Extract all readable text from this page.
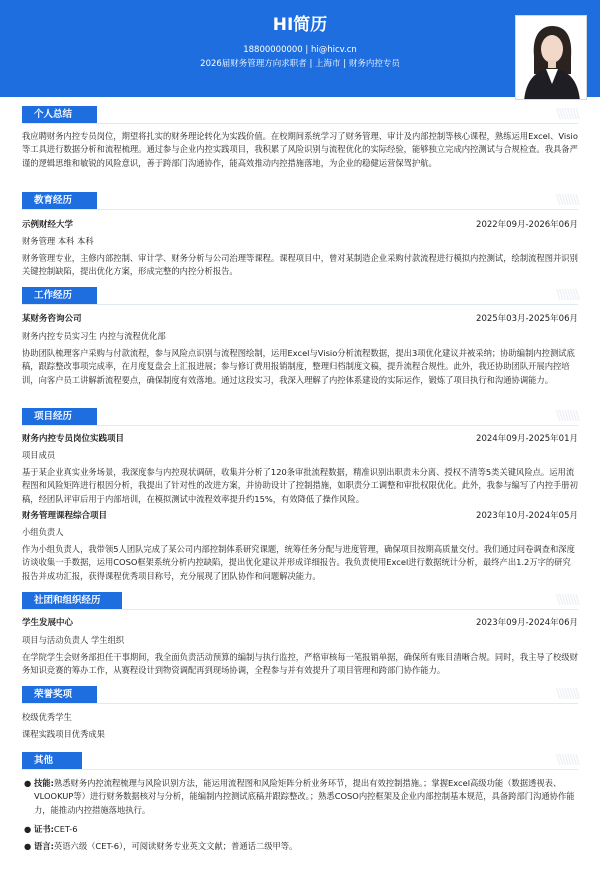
HI简历
18800000000 | hi@hicv.cn
2026届财务管理方向求职者 | 上海市 | 财务内控专员
个人总结	\\\\\\\\
我应聘财务内控专员岗位，期望将扎实的财务理论转化为实践价值。在校期间系统学习了财务管理、审计及内部控制等核心课程，熟练运用Excel、Visio等工具进行数据分析和流程梳理。通过参与企业内控实践项目，我积累了风险识别与流程优化的实际经验，能够独立完成内控测试与合规检查。我具备严谨的逻辑思维和敏锐的风险意识，善于跨部门沟通协作，能高效推动内控措施落地，为企业的稳健运营保驾护航。
教育经历	\\\\\\\\
示例财经大学	2022年09月-2026年06月
财务管理 本科 本科
财务管理专业，主修内部控制、审计学、财务分析与公司治理等课程。课程项目中，曾对某制造企业采购付款流程进行模拟内控测试，绘制流程图并识别关键控制缺陷，提出优化方案，形成完整的内控分析报告。
工作经历	\\\\\\\\
某财务咨询公司	2025年03月-2025年06月
财务内控专员实习生 内控与流程优化部
协助团队梳理客户采购与付款流程，参与风险点识别与流程图绘制，运用Excel与Visio分析流程数据，提出3项优化建议并被采纳；协助编制内控测试底稿，跟踪整改事项完成率，在月度复盘会上汇报进展；参与修订费用报销制度，整理归档制度文稿，提升流程合规性。此外，我还协助团队开展内控培训，向客户员工讲解新流程要点，确保制度有效落地。通过这段实习，我深入理解了内控体系建设的实际运作，锻炼了项目执行和沟通协调能力。
项目经历	\\\\\\\\
财务内控专员岗位实践项目	2024年09月-2025年01月
项目成员
基于某企业真实业务场景，我深度参与内控现状调研，收集并分析了120条审批流程数据，精准识别出职责未分离、授权不清等5类关键风险点。运用流程图和风险矩阵进行根因分析，我提出了针对性的改进方案，并协助设计了控制措施，如职责分工调整和审批权限优化。此外，我参与编写了内控手册初稿，经团队评审后用于内部培训，在模拟测试中流程效率提升约15%，有效降低了操作风险。
财务管理课程综合项目	2023年10月-2024年05月
小组负责人
作为小组负责人，我带领5人团队完成了某公司内部控制体系研究课题，统筹任务分配与进度管理，确保项目按期高质量交付。我们通过问卷调查和深度访谈收集一手数据，运用COSO框架系统分析内控缺陷，提出优化建议并形成详细报告。我负责使用Excel进行数据统计分析，最终产出1.2万字的研究报告并成功汇报，获得课程优秀项目称号，充分展现了团队协作和问题解决能力。
社团和组织经历	\\\\\\\\
学生发展中心	2023年09月-2024年06月
项目与活动负责人 学生组织
在学院学生会财务部担任干事期间，我全面负责活动预算的编制与执行监控，严格审核每一笔报销单据，确保所有账目清晰合规。同时，我主导了校级财务知识竞赛的筹办工作，从赛程设计到物资调配再到现场协调，全程参与并有效提升了项目管理和跨部门协作能力。
荣誉奖项	\\\\\\\\
校级优秀学生
课程实践项目优秀成果
其他	\\\\\\\\
● 技能:熟悉财务内控流程梳理与风险识别方法，能运用流程图和风险矩阵分析业务环节，提出有效控制措施。；掌握Excel高级功能（数据透视表、VLOOKUP等）进行财务数据核对与分析，能编制内控测试底稿并跟踪整改。；熟悉COSO内控框架及企业内部控制基本规范，具备跨部门沟通协作能力，能推动内控措施落地执行。
● 证书:CET-6
● 语言:英语六级（CET-6），可阅读财务专业英文文献；普通话二级甲等。
